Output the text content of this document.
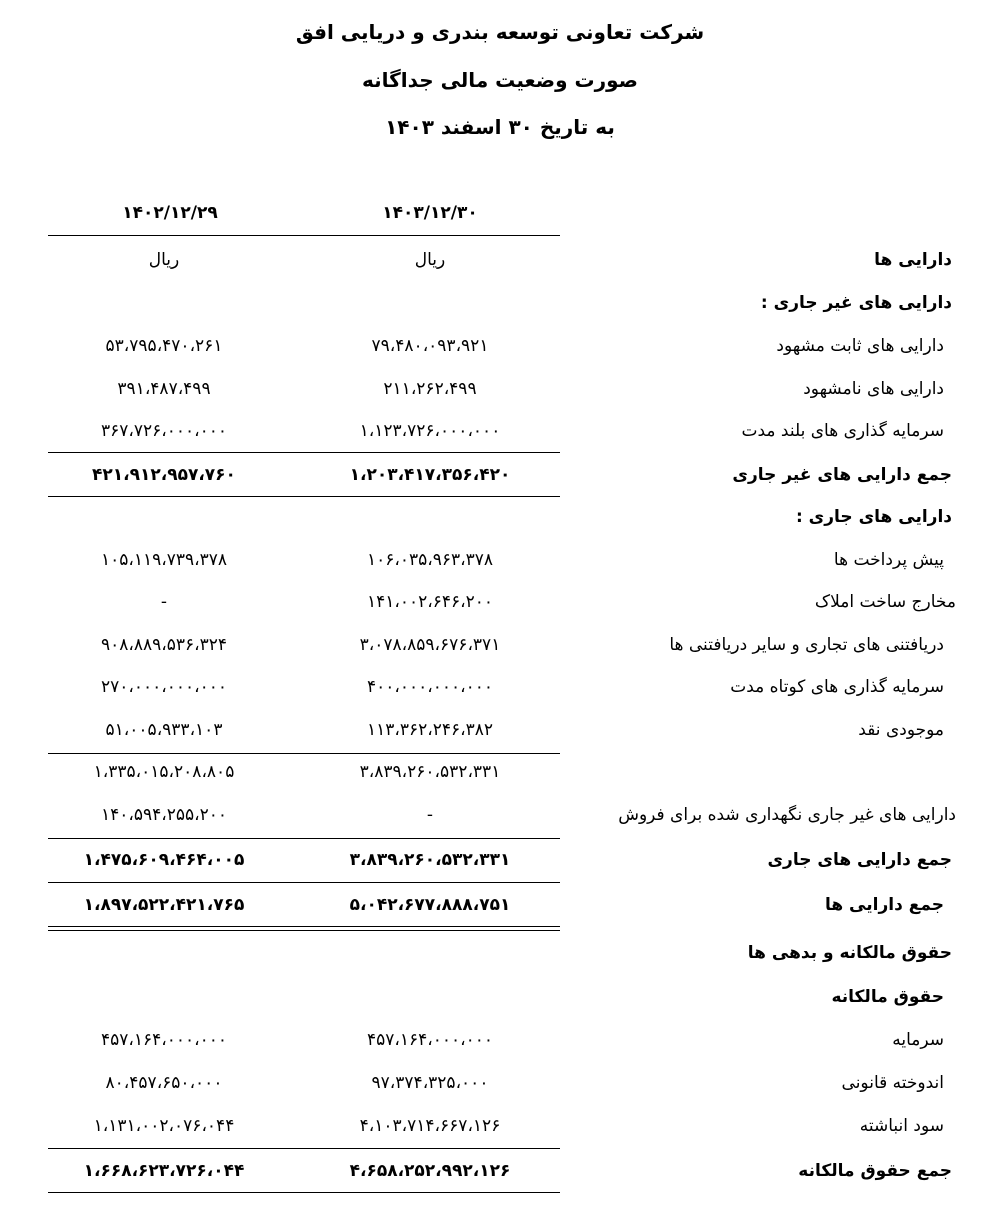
شرکت تعاونی توسعه بندری و دریایی افق
صورت وضعیت مالی جداگانه
به تاریخ ۳۰ اسفند ۱۴۰۳
۱۴۰۳/۱۲/۳۰
۱۴۰۲/۱۲/۲۹
دارایی ها
ریال
ریال
دارایی های غیر جاری :
دارایی های ثابت مشهود
۷۹،۴۸۰،۰۹۳،۹۲۱
۵۳،۷۹۵،۴۷۰،۲۶۱
دارایی های نامشهود
۲۱۱،۲۶۲،۴۹۹
۳۹۱،۴۸۷،۴۹۹
سرمایه گذاری های بلند مدت
۱،۱۲۳،۷۲۶،۰۰۰،۰۰۰
۳۶۷،۷۲۶،۰۰۰،۰۰۰
جمع دارایی های غیر جاری
۱،۲۰۳،۴۱۷،۳۵۶،۴۲۰
۴۲۱،۹۱۲،۹۵۷،۷۶۰
دارایی های جاری :
پیش پرداخت ها
۱۰۶،۰۳۵،۹۶۳،۳۷۸
۱۰۵،۱۱۹،۷۳۹،۳۷۸
مخارج ساخت املاک
۱۴۱،۰۰۲،۶۴۶،۲۰۰
-
دریافتنی های تجاری و سایر دریافتنی ها
۳،۰۷۸،۸۵۹،۶۷۶،۳۷۱
۹۰۸،۸۸۹،۵۳۶،۳۲۴
سرمایه گذاری های کوتاه مدت
۴۰۰،۰۰۰،۰۰۰،۰۰۰
۲۷۰،۰۰۰،۰۰۰،۰۰۰
موجودی نقد
۱۱۳،۳۶۲،۲۴۶،۳۸۲
۵۱،۰۰۵،۹۳۳،۱۰۳
۳،۸۳۹،۲۶۰،۵۳۲،۳۳۱
۱،۳۳۵،۰۱۵،۲۰۸،۸۰۵
دارایی های غیر جاری نگهداری شده برای فروش
-
۱۴۰،۵۹۴،۲۵۵،۲۰۰
جمع دارایی های جاری
۳،۸۳۹،۲۶۰،۵۳۲،۳۳۱
۱،۴۷۵،۶۰۹،۴۶۴،۰۰۵
جمع دارایی ها
۵،۰۴۲،۶۷۷،۸۸۸،۷۵۱
۱،۸۹۷،۵۲۲،۴۲۱،۷۶۵
حقوق مالکانه و بدهی ها
حقوق مالکانه
سرمایه
۴۵۷،۱۶۴،۰۰۰،۰۰۰
۴۵۷،۱۶۴،۰۰۰،۰۰۰
اندوخته قانونی
۹۷،۳۷۴،۳۲۵،۰۰۰
۸۰،۴۵۷،۶۵۰،۰۰۰
سود انباشته
۴،۱۰۳،۷۱۴،۶۶۷،۱۲۶
۱،۱۳۱،۰۰۲،۰۷۶،۰۴۴
جمع حقوق مالکانه
۴،۶۵۸،۲۵۲،۹۹۲،۱۲۶
۱،۶۶۸،۶۲۳،۷۲۶،۰۴۴
